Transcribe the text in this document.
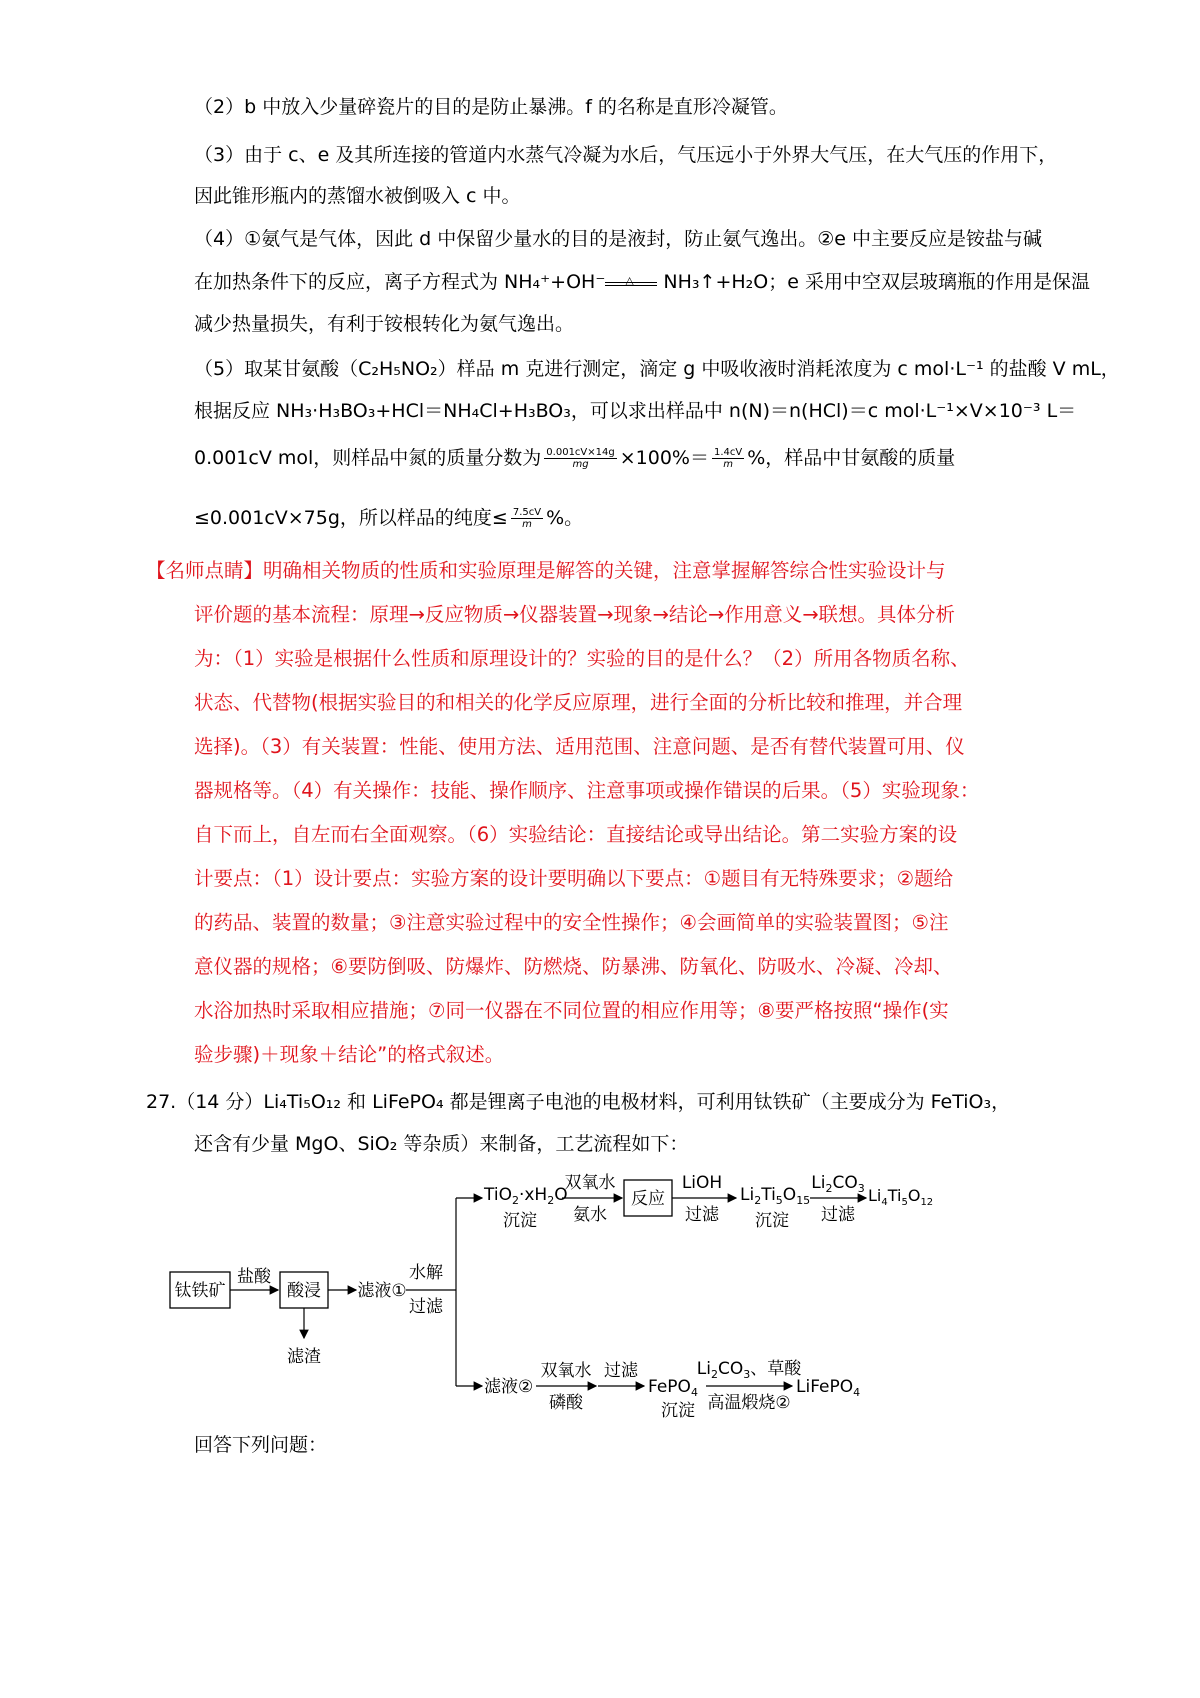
（2）b 中放入少量碎瓷片的目的是防止暴沸。f 的名称是直形冷凝管。
（3）由于 c、e 及其所连接的管道内水蒸气冷凝为水后，气压远小于外界大气压，在大气压的作用下，
因此锥形瓶内的蒸馏水被倒吸入 c 中。
（4）①氨气是气体，因此 d 中保留少量水的目的是液封，防止氨气逸出。②e 中主要反应是铵盐与碱
在加热条件下的反应，离子方程式为 NH₄⁺+OH⁻ △ NH₃↑+H₂O；e 采用中空双层玻璃瓶的作用是保温
减少热量损失，有利于铵根转化为氨气逸出。
（5）取某甘氨酸（C₂H₅NO₂）样品 m 克进行测定，滴定 g 中吸收液时消耗浓度为 c mol·L⁻¹ 的盐酸 V mL，
根据反应 NH₃·H₃BO₃+HCl＝NH₄Cl+H₃BO₃，可以求出样品中 n(N)＝n(HCl)＝c mol·L⁻¹×V×10⁻³ L＝
0.001cV mol，则样品中氮的质量分数为 $\frac{0.001cV\times 14g}{mg} \times 100\%= \frac{1.4cV}{m}$ %，样品中甘氨酸的质量
≤0.001cV×75g，所以样品的纯度≤ $\frac{7.5cV}{m}$ %。
【名师点睛】明确相关物质的性质和实验原理是解答的关键，注意掌握解答综合性实验设计与
评价题的基本流程：原理→反应物质→仪器装置→现象→结论→作用意义→联想。具体分析
为：（1）实验是根据什么性质和原理设计的？实验的目的是什么？（2）所用各物质名称、
状态、代替物(根据实验目的和相关的化学反应原理，进行全面的分析比较和推理，并合理
选择)。（3）有关装置：性能、使用方法、适用范围、注意问题、是否有替代装置可用、仪
器规格等。（4）有关操作：技能、操作顺序、注意事项或操作错误的后果。（5）实验现象：
自下而上，自左而右全面观察。（6）实验结论：直接结论或导出结论。第二实验方案的设
计要点：（1）设计要点：实验方案的设计要明确以下要点：①题目有无特殊要求；②题给
的药品、装置的数量；③注意实验过程中的安全性操作；④会画简单的实验装置图；⑤注
意仪器的规格；⑥要防倒吸、防爆炸、防燃烧、防暴沸、防氧化、防吸水、冷凝、冷却、
水浴加热时采取相应措施；⑦同一仪器在不同位置的相应作用等；⑧要严格按照“操作(实
验步骤)＋现象＋结论”的格式叙述。
27.（14 分）Li₄Ti₅O₁₂ 和 LiFePO₄ 都是锂离子电池的电极材料，可利用钛铁矿（主要成分为 FeTiO₃，
还含有少量 MgO、SiO₂ 等杂质）来制备，工艺流程如下：
钛铁矿
盐酸
酸浸
滤渣
滤液①
水解
过滤
$TiO_2\cdot xH_2O$
沉淀
双氧水
氨水
反应
LiOH
过滤
$Li_2Ti_5O_{15}$
沉淀
$Li_2CO_3$
过滤
滤液②
双氧水
磷酸
过滤
FePO$_4$
沉淀
$Li_2CO_3$、草酸
高温煅烧②
LiFePO$_4$
$Li_4Ti_5O_{12}$
回答下列问题：
